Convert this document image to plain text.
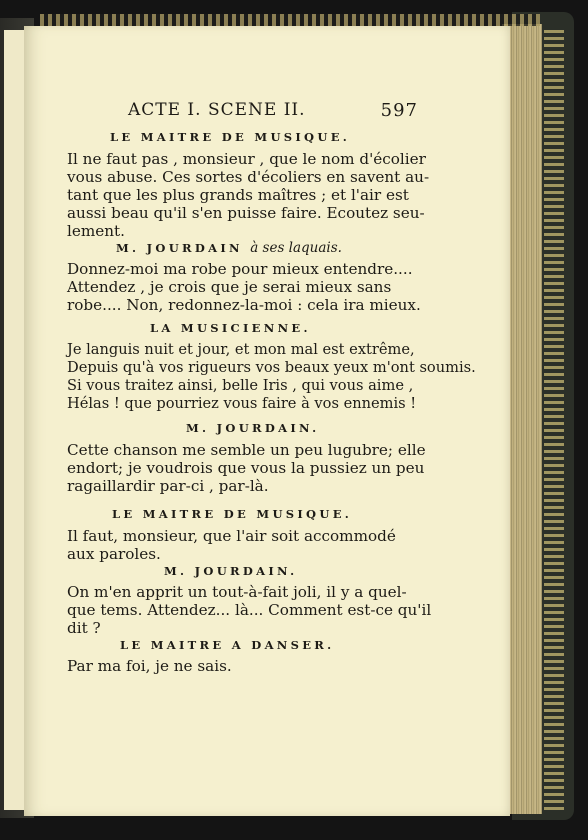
ACTE I. SCENE II.	597
LE MAITRE DE MUSIQUE.
Il ne faut pas , monsieur , que le nom d'écolier
vous abuse. Ces sortes d'écoliers en savent au-
tant que les plus grands maîtres ; et l'air est
aussi beau qu'il s'en puisse faire. Ecoutez seu-
lement.
M. JOURDAIN à ses laquais.
Donnez-moi ma robe pour mieux entendre....
Attendez , je crois que je serai mieux sans
robe.... Non, redonnez-la-moi : cela ira mieux.
LA MUSICIENNE.
Je languis nuit et jour, et mon mal est extrême,
Depuis qu'à vos rigueurs vos beaux yeux m'ont soumis.
Si vous traitez ainsi, belle Iris , qui vous aime ,
Hélas ! que pourriez vous faire à vos ennemis !
M. JOURDAIN.
Cette chanson me semble un peu lugubre; elle
endort; je voudrois que vous la pussiez un peu
ragaillardir par-ci , par-là.
LE MAITRE DE MUSIQUE.
Il faut, monsieur, que l'air soit accommodé
aux paroles.
M. JOURDAIN.
On m'en apprit un tout-à-fait joli, il y a quel-
que tems. Attendez... là... Comment est-ce qu'il
dit ?
LE MAITRE A DANSER.
Par ma foi, je ne sais.
